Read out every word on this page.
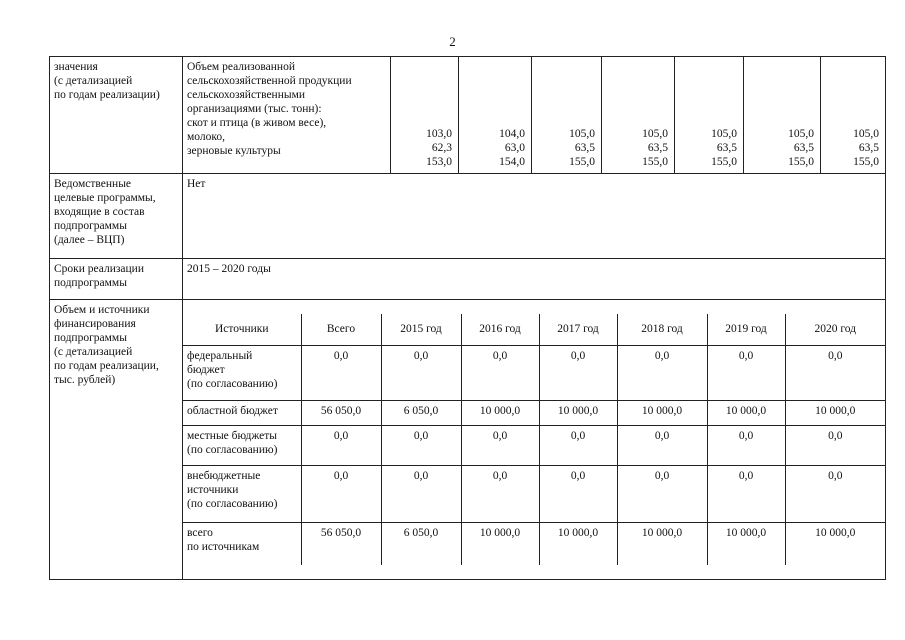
2
значения
(с детализацией
по годам реализации)	Объем реализованной
сельскохозяйственной продукции
сельскохозяйственными
организациями (тыс. тонн):
скот и птица (в живом весе),
молоко,
зерновые культуры	103,0
62,3
153,0	104,0
63,0
154,0	105,0
63,5
155,0	105,0
63,5
155,0	105,0
63,5
155,0	105,0
63,5
155,0	105,0
63,5
155,0
Ведомственные
целевые программы,
входящие в состав
подпрограммы
(далее – ВЦП)	Нет
Сроки реализации
подпрограммы	2015 – 2020 годы
Объем и источники
финансирования
подпрограммы
(с детализацией
по годам реализации,
тыс. рублей)	

Источники	Всего	2015 год	2016 год	2017 год	2018 год	2019 год	2020 год
федеральный
бюджет
(по согласованию)	0,0	0,0	0,0	0,0	0,0	0,0	0,0
областной бюджет	56 050,0	6 050,0	10 000,0	10 000,0	10 000,0	10 000,0	10 000,0
местные бюджеты
(по согласованию)	0,0	0,0	0,0	0,0	0,0	0,0	0,0
внебюджетные
источники
(по согласованию)	0,0	0,0	0,0	0,0	0,0	0,0	0,0
всего
по источникам	56 050,0	6 050,0	10 000,0	10 000,0	10 000,0	10 000,0	10 000,0
